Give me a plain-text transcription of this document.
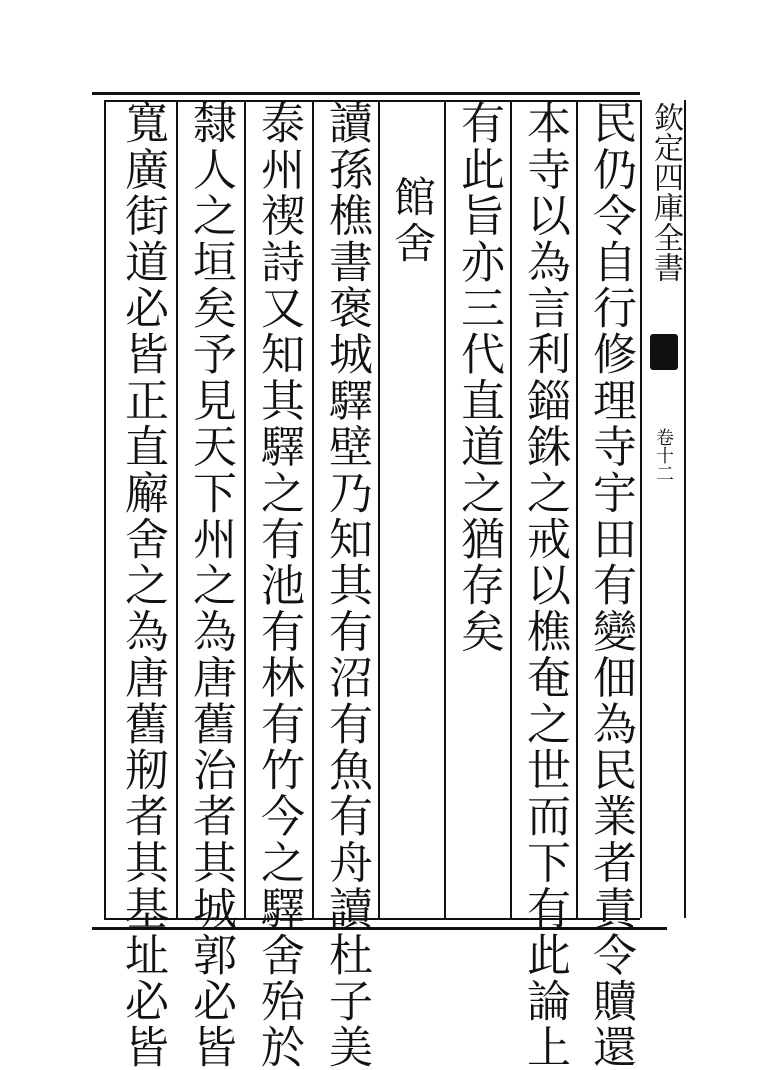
欽定四庫全書
卷十二
民仍令自行修理寺宇田有變佃為民業者責令贖還
本寺以為言利錙銖之戒以樵奄之世而下有此論上
有此旨亦三代直道之猶存矣
館舍
讀孫樵書褒城驛壁乃知其有沼有魚有舟讀杜子美
泰州禊詩又知其驛之有池有林有竹今之驛舍殆於
隸人之垣矣予見天下州之為唐舊治者其城郭必皆
寬廣街道必皆正直廨舍之為唐舊剏者其基址必皆
